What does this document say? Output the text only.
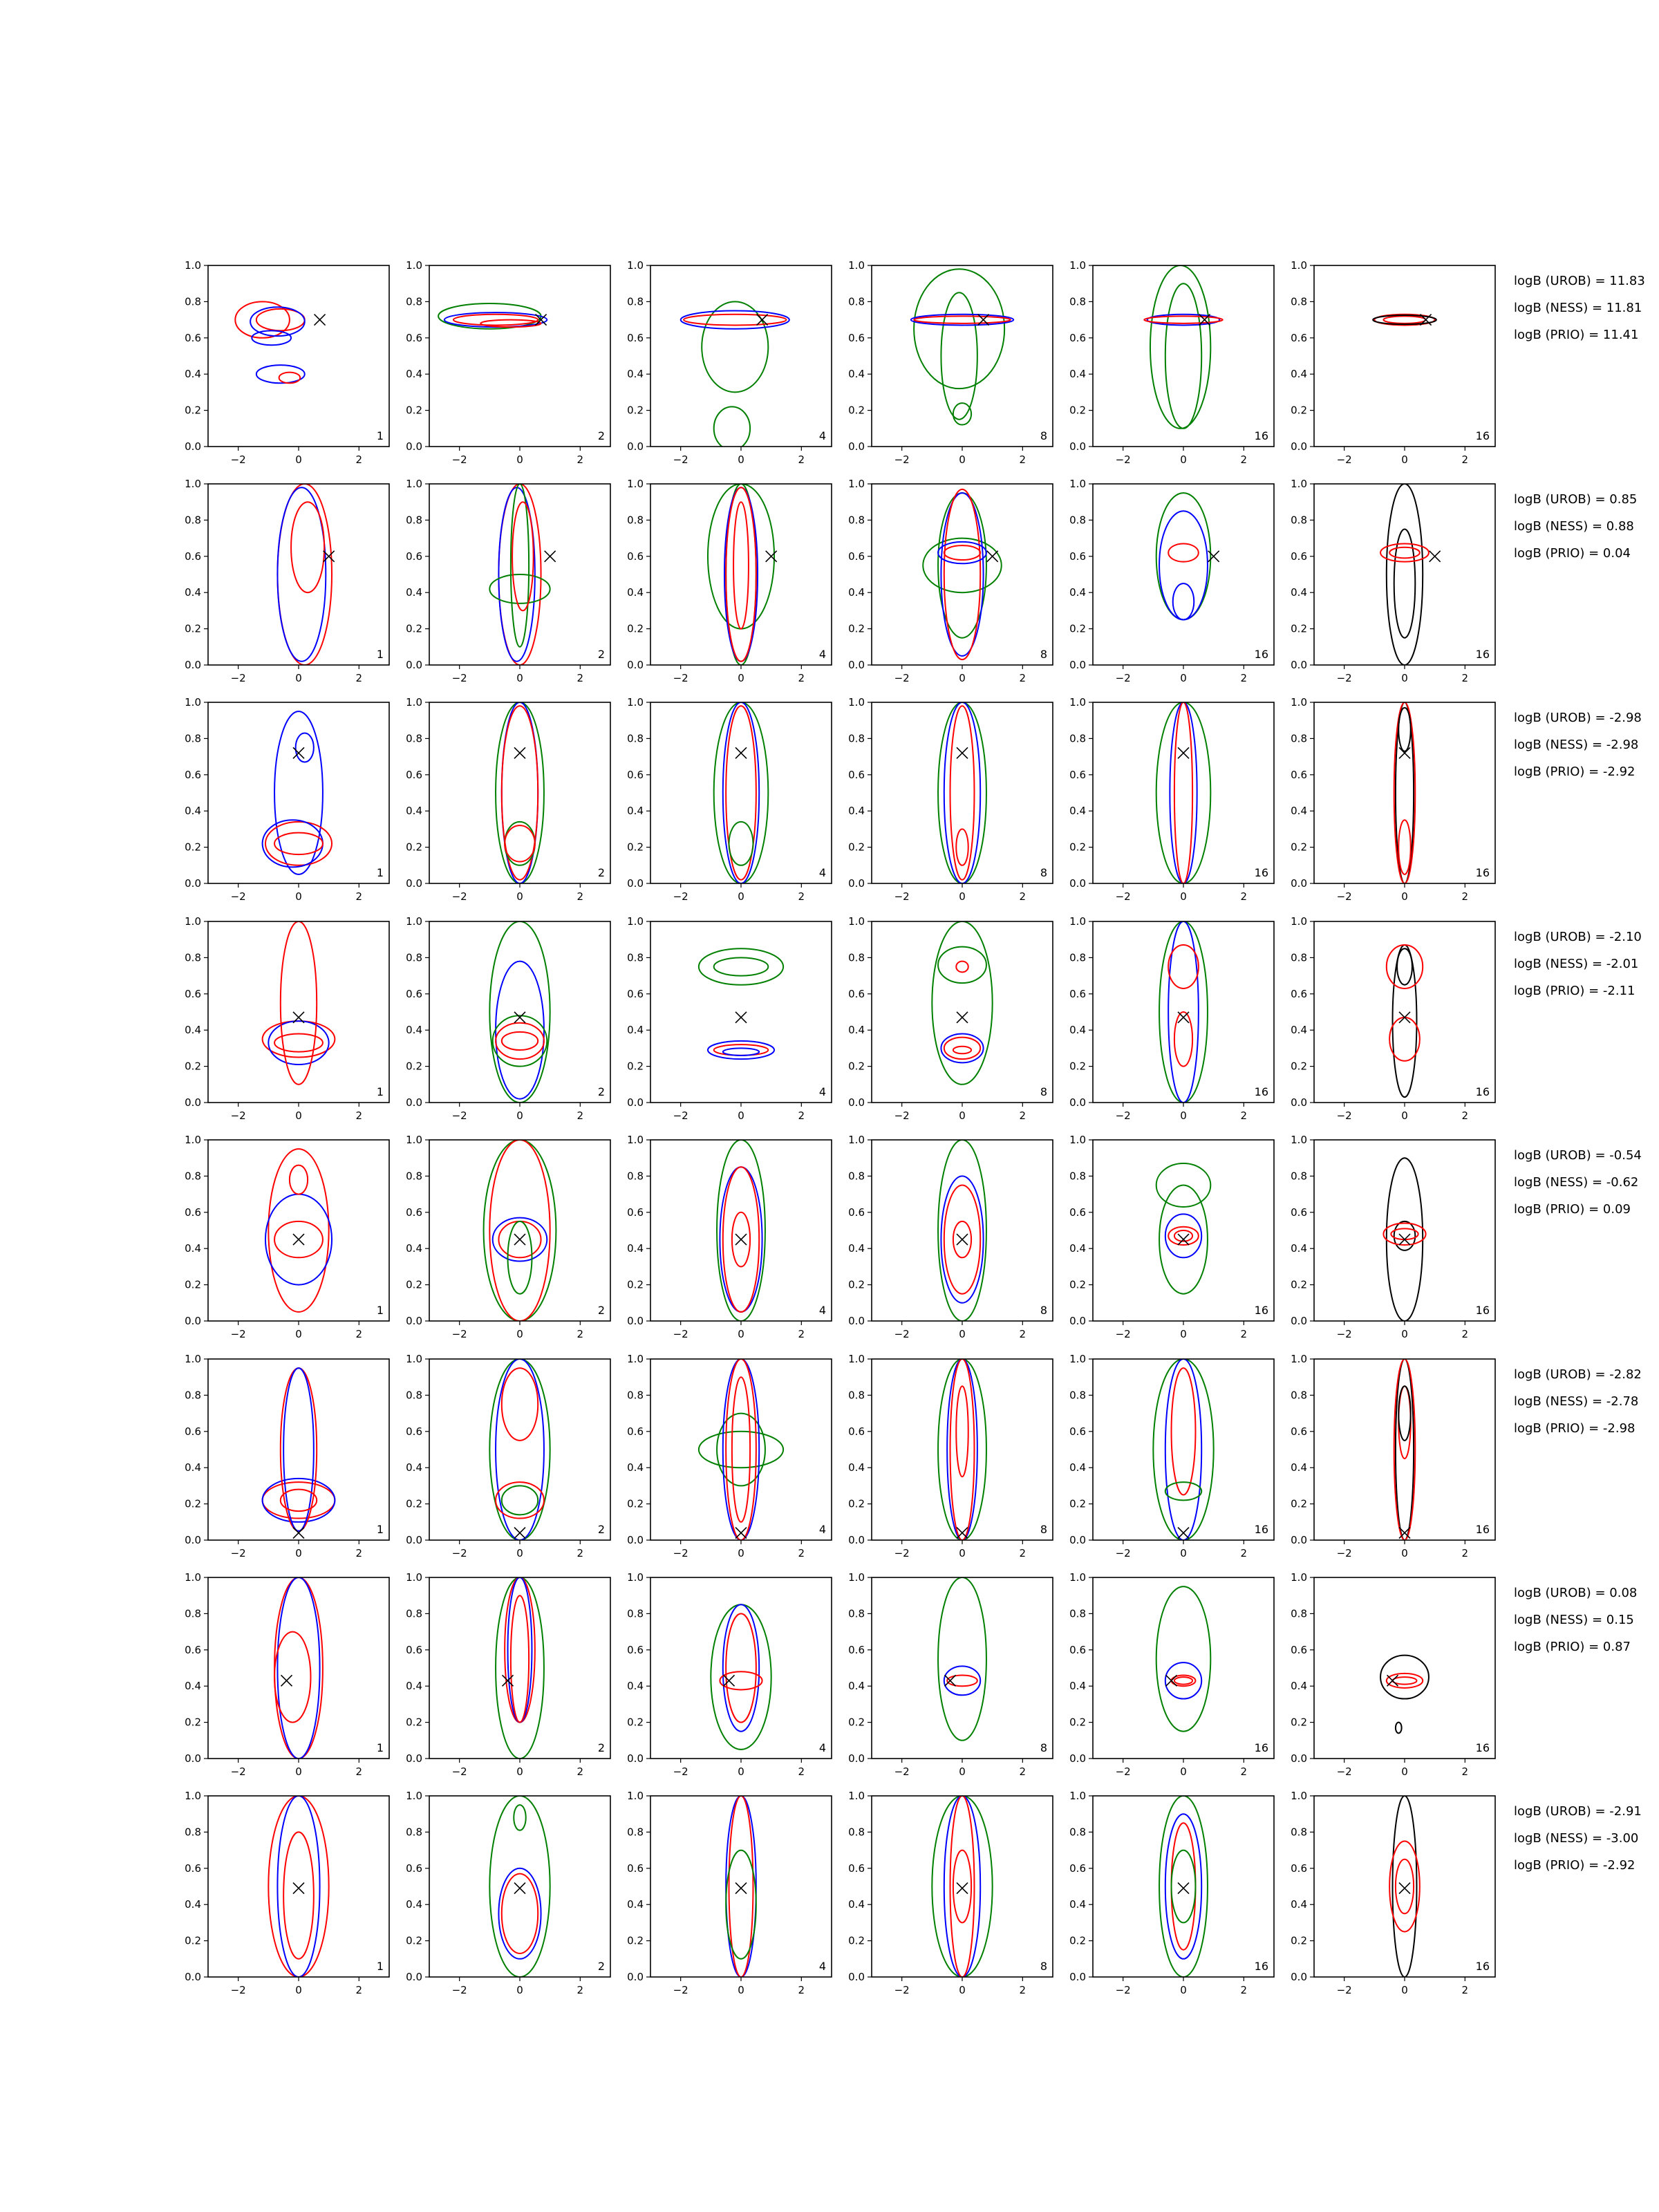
0.0
0.2
0.4
0.6
0.8
1.0
−2	0	2
1
0.0
0.2
0.4
0.6
0.8
1.0
−2	0	2
2
0.0
0.2
0.4
0.6
0.8
1.0
−2	0	2
4
0.0
0.2
0.4
0.6
0.8
1.0
−2	0	2
8
0.0
0.2
0.4
0.6
0.8
1.0
−2	0	2
16
0.0
0.2
0.4
0.6
0.8
1.0
−2	0	2
16
0.0
0.2
0.4
0.6
0.8
1.0
−2	0	2
1
0.0
0.2
0.4
0.6
0.8
1.0
−2	0	2
2
0.0
0.2
0.4
0.6
0.8
1.0
−2	0	2
4
0.0
0.2
0.4
0.6
0.8
1.0
−2	0	2
8
0.0
0.2
0.4
0.6
0.8
1.0
−2	0	2
16
0.0
0.2
0.4
0.6
0.8
1.0
−2	0	2
16
0.0
0.2
0.4
0.6
0.8
1.0
−2	0	2
1
0.0
0.2
0.4
0.6
0.8
1.0
−2	0	2
2
0.0
0.2
0.4
0.6
0.8
1.0
−2	0	2
4
0.0
0.2
0.4
0.6
0.8
1.0
−2	0	2
8
0.0
0.2
0.4
0.6
0.8
1.0
−2	0	2
16
0.0
0.2
0.4
0.6
0.8
1.0
−2	0	2
16
0.0
0.2
0.4
0.6
0.8
1.0
−2	0	2
1
0.0
0.2
0.4
0.6
0.8
1.0
−2	0	2
2
0.0
0.2
0.4
0.6
0.8
1.0
−2	0	2
4
0.0
0.2
0.4
0.6
0.8
1.0
−2	0	2
8
0.0
0.2
0.4
0.6
0.8
1.0
−2	0	2
16
0.0
0.2
0.4
0.6
0.8
1.0
−2	0	2
16
0.0
0.2
0.4
0.6
0.8
1.0
−2	0	2
1
0.0
0.2
0.4
0.6
0.8
1.0
−2	0	2
2
0.0
0.2
0.4
0.6
0.8
1.0
−2	0	2
4
0.0
0.2
0.4
0.6
0.8
1.0
−2	0	2
8
0.0
0.2
0.4
0.6
0.8
1.0
−2	0	2
16
0.0
0.2
0.4
0.6
0.8
1.0
−2	0	2
16
0.0
0.2
0.4
0.6
0.8
1.0
−2	0	2
1
0.0
0.2
0.4
0.6
0.8
1.0
−2	0	2
2
0.0
0.2
0.4
0.6
0.8
1.0
−2	0	2
4
0.0
0.2
0.4
0.6
0.8
1.0
−2	0	2
8
0.0
0.2
0.4
0.6
0.8
1.0
−2	0	2
16
0.0
0.2
0.4
0.6
0.8
1.0
−2	0	2
16
0.0
0.2
0.4
0.6
0.8
1.0
−2	0	2
1
0.0
0.2
0.4
0.6
0.8
1.0
−2	0	2
2
0.0
0.2
0.4
0.6
0.8
1.0
−2	0	2
4
0.0
0.2
0.4
0.6
0.8
1.0
−2	0	2
8
0.0
0.2
0.4
0.6
0.8
1.0
−2	0	2
16
0.0
0.2
0.4
0.6
0.8
1.0
−2	0	2
16
0.0
0.2
0.4
0.6
0.8
1.0
−2	0	2
1
0.0
0.2
0.4
0.6
0.8
1.0
−2	0	2
2
0.0
0.2
0.4
0.6
0.8
1.0
−2	0	2
4
0.0
0.2
0.4
0.6
0.8
1.0
−2	0	2
8
0.0
0.2
0.4
0.6
0.8
1.0
−2	0	2
16
0.0
0.2
0.4
0.6
0.8
1.0
−2	0	2
16
logB (UROB) = 11.83
logB (NESS) = 11.81
logB (PRIO) = 11.41
logB (UROB) = 0.85
logB (NESS) = 0.88
logB (PRIO) = 0.04
logB (UROB) = -2.98
logB (NESS) = -2.98
logB (PRIO) = -2.92
logB (UROB) = -2.10
logB (NESS) = -2.01
logB (PRIO) = -2.11
logB (UROB) = -0.54
logB (NESS) = -0.62
logB (PRIO) = 0.09
logB (UROB) = -2.82
logB (NESS) = -2.78
logB (PRIO) = -2.98
logB (UROB) = 0.08
logB (NESS) = 0.15
logB (PRIO) = 0.87
logB (UROB) = -2.91
logB (NESS) = -3.00
logB (PRIO) = -2.92
